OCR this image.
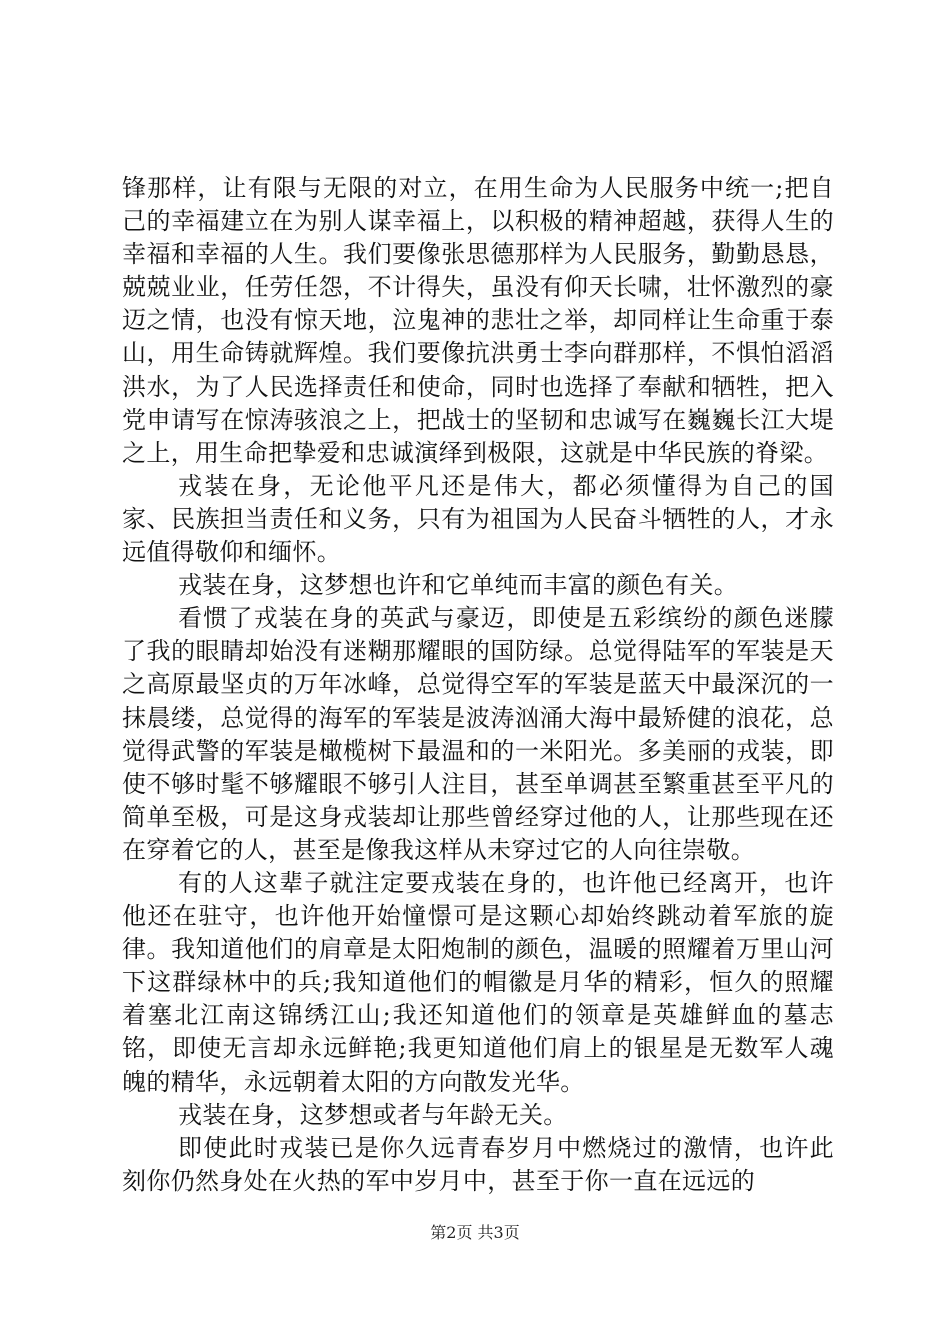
锋那样，让有限与无限的对立，在用生命为人民服务中统一;把自己的幸福建立在为别人谋幸福上，以积极的精神超越，获得人生的幸福和幸福的人生。我们要像张思德那样为人民服务，勤勤恳恳，兢兢业业，任劳任怨，不计得失，虽没有仰天长啸，壮怀激烈的豪迈之情，也没有惊天地，泣鬼神的悲壮之举，却同样让生命重于泰山，用生命铸就辉煌。我们要像抗洪勇士李向群那样，不惧怕滔滔洪水，为了人民选择责任和使命，同时也选择了奉献和牺牲，把入党申请写在惊涛骇浪之上，把战士的坚韧和忠诚写在巍巍长江大堤之上，用生命把挚爱和忠诚演绎到极限，这就是中华民族的脊梁。

戎装在身，无论他平凡还是伟大，都必须懂得为自己的国家、民族担当责任和义务，只有为祖国为人民奋斗牺牲的人，才永远值得敬仰和缅怀。

戎装在身，这梦想也许和它单纯而丰富的颜色有关。

看惯了戎装在身的英武与豪迈，即使是五彩缤纷的颜色迷朦了我的眼睛却始没有迷糊那耀眼的国防绿。总觉得陆军的军装是天之高原最坚贞的万年冰峰，总觉得空军的军装是蓝天中最深沉的一抹晨缕，总觉得的海军的军装是波涛汹涌大海中最矫健的浪花，总觉得武警的军装是橄榄树下最温和的一米阳光。多美丽的戎装，即使不够时髦不够耀眼不够引人注目，甚至单调甚至繁重甚至平凡的简单至极，可是这身戎装却让那些曾经穿过他的人，让那些现在还在穿着它的人，甚至是像我这样从未穿过它的人向往崇敬。

有的人这辈子就注定要戎装在身的，也许他已经离开，也许他还在驻守，也许他开始憧憬可是这颗心却始终跳动着军旅的旋律。我知道他们的肩章是太阳炮制的颜色，温暖的照耀着万里山河下这群绿林中的兵;我知道他们的帽徽是月华的精彩，恒久的照耀着塞北江南这锦绣江山;我还知道他们的领章是英雄鲜血的墓志铭，即使无言却永远鲜艳;我更知道他们肩上的银星是无数军人魂魄的精华，永远朝着太阳的方向散发光华。

戎装在身，这梦想或者与年龄无关。

即使此时戎装已是你久远青春岁月中燃烧过的激情，也许此刻你仍然身处在火热的军中岁月中，甚至于你一直在远远的

第2页 共3页
